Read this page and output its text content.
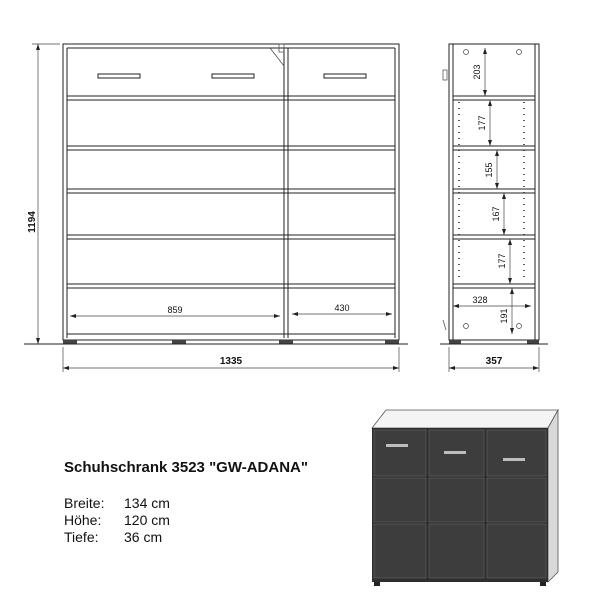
859	430
1194
1335
203
177
155
167
177
191
328
357
Schuhschrank 3523 "GW-ADANA"
Breite:	134 cm
Höhe:	120 cm
Tiefe:	36 cm
